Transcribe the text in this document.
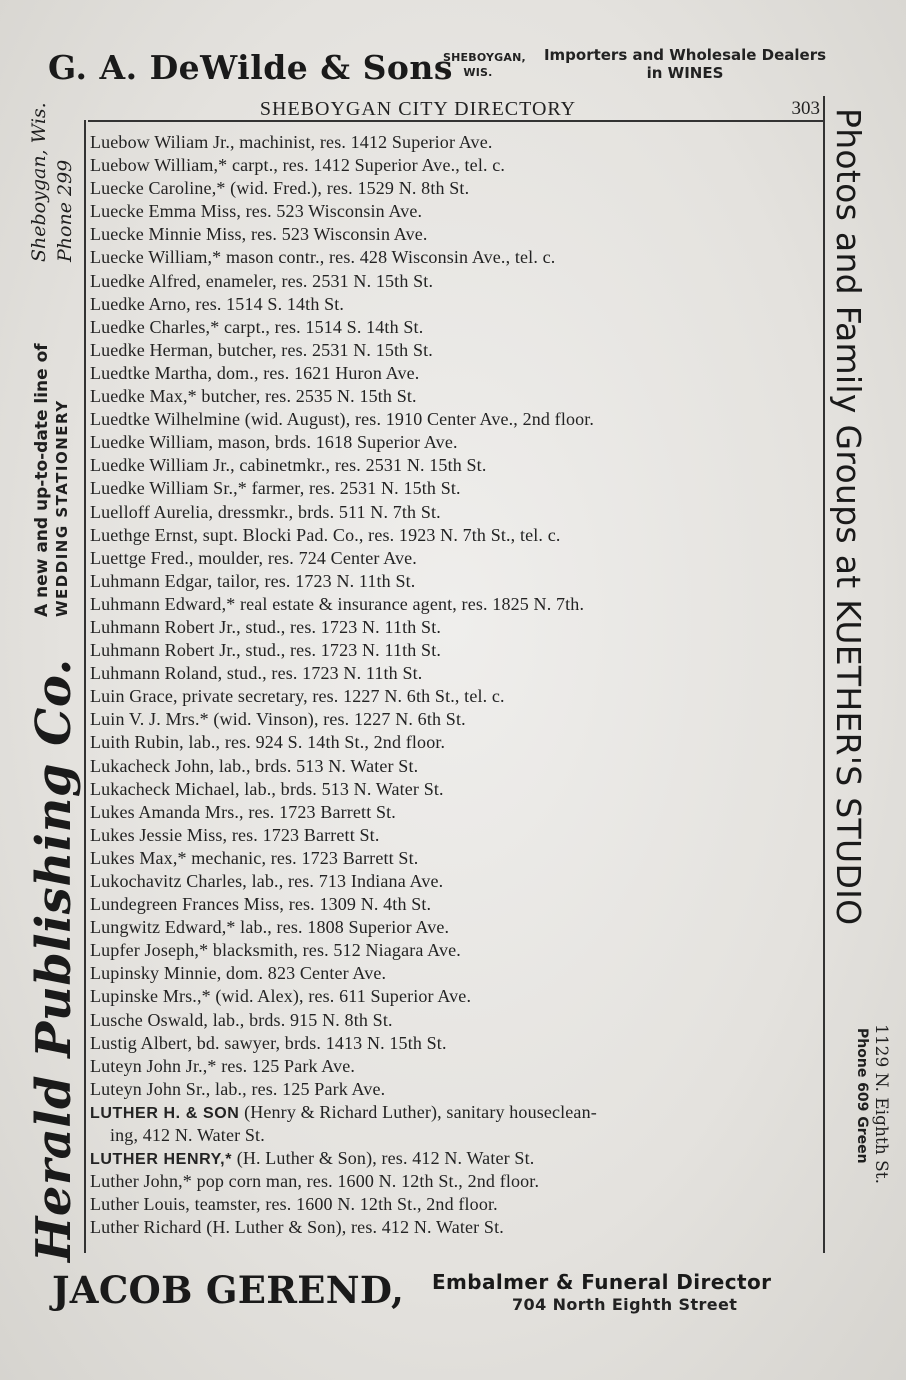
G. A. DeWilde & Sons
SHEBOYGAN,
WIS.
Importers and Wholesale Dealers
in WINES
SHEBOYGAN CITY DIRECTORY	303
Luebow Wiliam Jr., machinist, res. 1412 Superior Ave.
Luebow William,* carpt., res. 1412 Superior Ave., tel. c.
Luecke Caroline,* (wid. Fred.), res. 1529 N. 8th St.
Luecke Emma Miss, res. 523 Wisconsin Ave.
Luecke Minnie Miss, res. 523 Wisconsin Ave.
Luecke William,* mason contr., res. 428 Wisconsin Ave., tel. c.
Luedke Alfred, enameler, res. 2531 N. 15th St.
Luedke Arno, res. 1514 S. 14th St.
Luedke Charles,* carpt., res. 1514 S. 14th St.
Luedke Herman, butcher, res. 2531 N. 15th St.
Luedtke Martha, dom., res. 1621 Huron Ave.
Luedke Max,* butcher, res. 2535 N. 15th St.
Luedtke Wilhelmine (wid. August), res. 1910 Center Ave., 2nd floor.
Luedke William, mason, brds. 1618 Superior Ave.
Luedke William Jr., cabinetmkr., res. 2531 N. 15th St.
Luedke William Sr.,* farmer, res. 2531 N. 15th St.
Luelloff Aurelia, dressmkr., brds. 511 N. 7th St.
Luethge Ernst, supt. Blocki Pad. Co., res. 1923 N. 7th St., tel. c.
Luettge Fred., moulder, res. 724 Center Ave.
Luhmann Edgar, tailor, res. 1723 N. 11th St.
Luhmann Edward,* real estate & insurance agent, res. 1825 N. 7th.
Luhmann Robert Jr., stud., res. 1723 N. 11th St.
Luhmann Robert Jr., stud., res. 1723 N. 11th St.
Luhmann Roland, stud., res. 1723 N. 11th St.
Luin Grace, private secretary, res. 1227 N. 6th St., tel. c.
Luin V. J. Mrs.* (wid. Vinson), res. 1227 N. 6th St.
Luith Rubin, lab., res. 924 S. 14th St., 2nd floor.
Lukacheck John, lab., brds. 513 N. Water St.
Lukacheck Michael, lab., brds. 513 N. Water St.
Lukes Amanda Mrs., res. 1723 Barrett St.
Lukes Jessie Miss, res. 1723 Barrett St.
Lukes Max,* mechanic, res. 1723 Barrett St.
Lukochavitz Charles, lab., res. 713 Indiana Ave.
Lundegreen Frances Miss, res. 1309 N. 4th St.
Lungwitz Edward,* lab., res. 1808 Superior Ave.
Lupfer Joseph,* blacksmith, res. 512 Niagara Ave.
Lupinsky Minnie, dom. 823 Center Ave.
Lupinske Mrs.,* (wid. Alex), res. 611 Superior Ave.
Lusche Oswald, lab., brds. 915 N. 8th St.
Lustig Albert, bd. sawyer, brds. 1413 N. 15th St.
Luteyn John Jr.,* res. 125 Park Ave.
Luteyn John Sr., lab., res. 125 Park Ave.
LUTHER H. & SON (Henry & Richard Luther), sanitary houseclean-
ing, 412 N. Water St.
LUTHER HENRY,* (H. Luther & Son), res. 412 N. Water St.
Luther John,* pop corn man, res. 1600 N. 12th St., 2nd floor.
Luther Louis, teamster, res. 1600 N. 12th St., 2nd floor.
Luther Richard (H. Luther & Son), res. 412 N. Water St.
Herald Publishing Co.
A new and up-to-date line of WEDDING STATIONERY
Sheboygan, Wis. Phone 299	Photos and Family Groups at KUETHER'S STUDIO
1129 N. Eighth St.
Phone 609 Green
JACOB GEREND, Embalmer & Funeral Director
704 North Eighth Street
